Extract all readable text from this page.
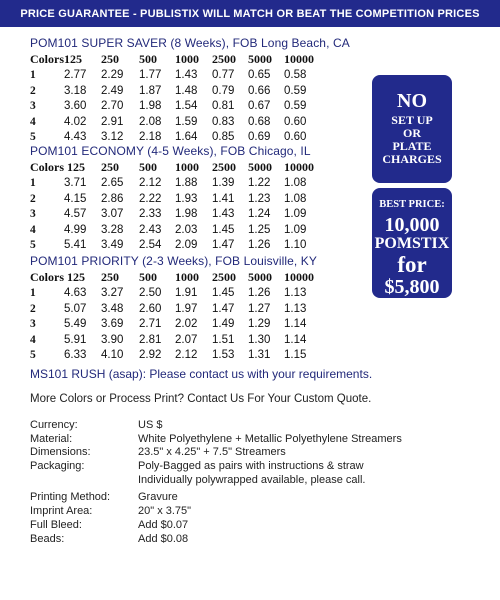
PRICE GUARANTEE - PUBLISTIX WILL MATCH OR BEAT THE COMPETITION PRICES

POM101 SUPER SAVER (8 Weeks), FOB Long Beach, CA

Colors	125	250	500	1000	2500	5000	10000
1	2.77	2.29	1.77	1.43	0.77	0.65	0.58
2	3.18	2.49	1.87	1.48	0.79	0.66	0.59
3	3.60	2.70	1.98	1.54	0.81	0.67	0.59
4	4.02	2.91	2.08	1.59	0.83	0.68	0.60
5	4.43	3.12	2.18	1.64	0.85	0.69	0.60

POM101 ECONOMY (4-5 Weeks), FOB Chicago, IL

Colors 125		250	500	1000	2500	5000	10000
1	3.71	2.65	2.12	1.88	1.39	1.22	1.08
2	4.15	2.86	2.22	1.93	1.41	1.23	1.08
3	4.57	3.07	2.33	1.98	1.43	1.24	1.09
4	4.99	3.28	2.43	2.03	1.45	1.25	1.09
5	5.41	3.49	2.54	2.09	1.47	1.26	1.10

POM101 PRIORITY (2-3 Weeks), FOB Louisville, KY

Colors 125		250	500	1000	2500	5000	10000
1	4.63	3.27	2.50	1.91	1.45	1.26	1.13
2	5.07	3.48	2.60	1.97	1.47	1.27	1.13
3	5.49	3.69	2.71	2.02	1.49	1.29	1.14
4	5.91	3.90	2.81	2.07	1.51	1.30	1.14
5	6.33	4.10	2.92	2.12	1.53	1.31	1.15
NO
SET UP
OR
PLATE
CHARGES
BEST PRICE:
10,000
POMSTIX
for
$5,800
MS101 RUSH (asap): Please contact us with your requirements.
More Colors or Process Print? Contact Us For Your Custom Quote.
Currency:	US $
Material:	White Polyethylene + Metallic Polyethylene Streamers
Dimensions:	23.5" x 4.25" + 7.5" Streamers
Packaging:	Poly-Bagged as pairs with instructions & straw
Individually polywrapped available, please call.
Printing Method:	Gravure
Imprint Area:	20" x 3.75"
Full Bleed:	Add $0.07
Beads:	Add $0.08
